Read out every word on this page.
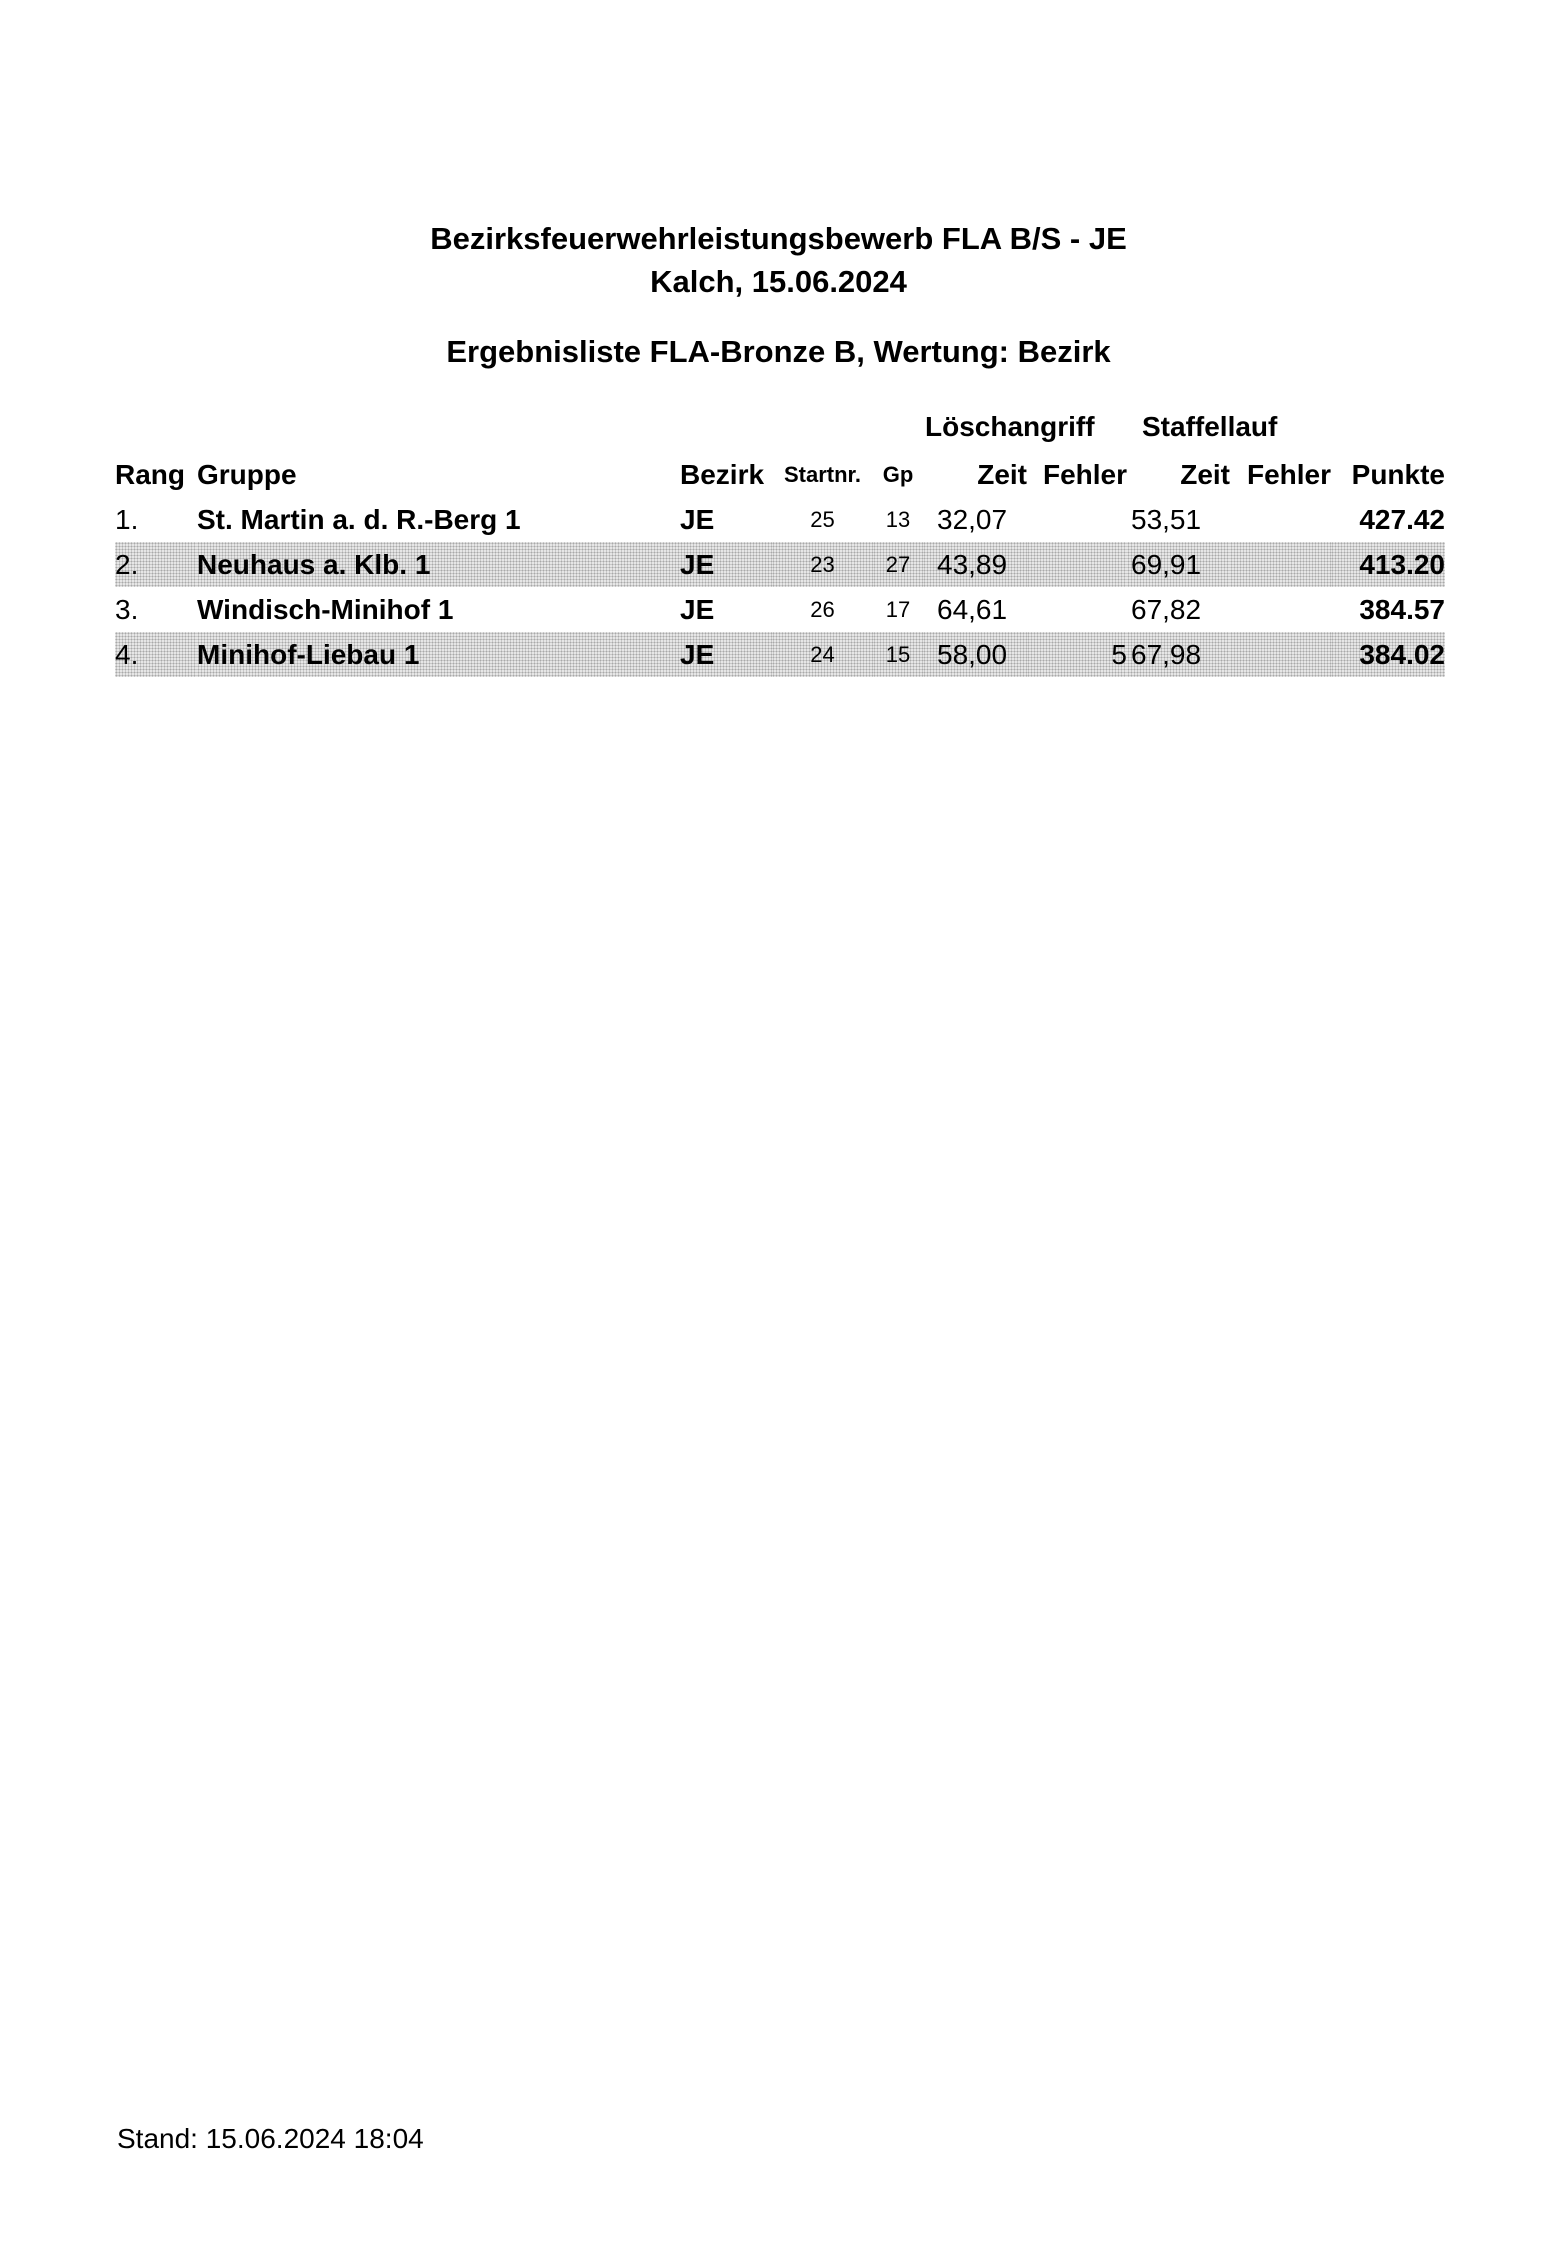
Bezirksfeuerwehrleistungsbewerb FLA B/S - JE
Kalch, 15.06.2024
Ergebnisliste FLA-Bronze B, Wertung: Bezirk
Löschangriff Staffellauf
Rang	Gruppe	Bezirk	Startnr.	Gp	Zeit	Fehler	Zeit	Fehler	Punkte
1.	St. Martin a. d. R.-Berg 1	JE	25	13	32,07		53,51		427.42
2.	Neuhaus a. Klb. 1	JE	23	27	43,89		69,91		413.20
3.	Windisch-Minihof 1	JE	26	17	64,61		67,82		384.57
4.	Minihof-Liebau 1	JE	24	15	58,00	5	67,98		384.02
Stand: 15.06.2024 18:04
